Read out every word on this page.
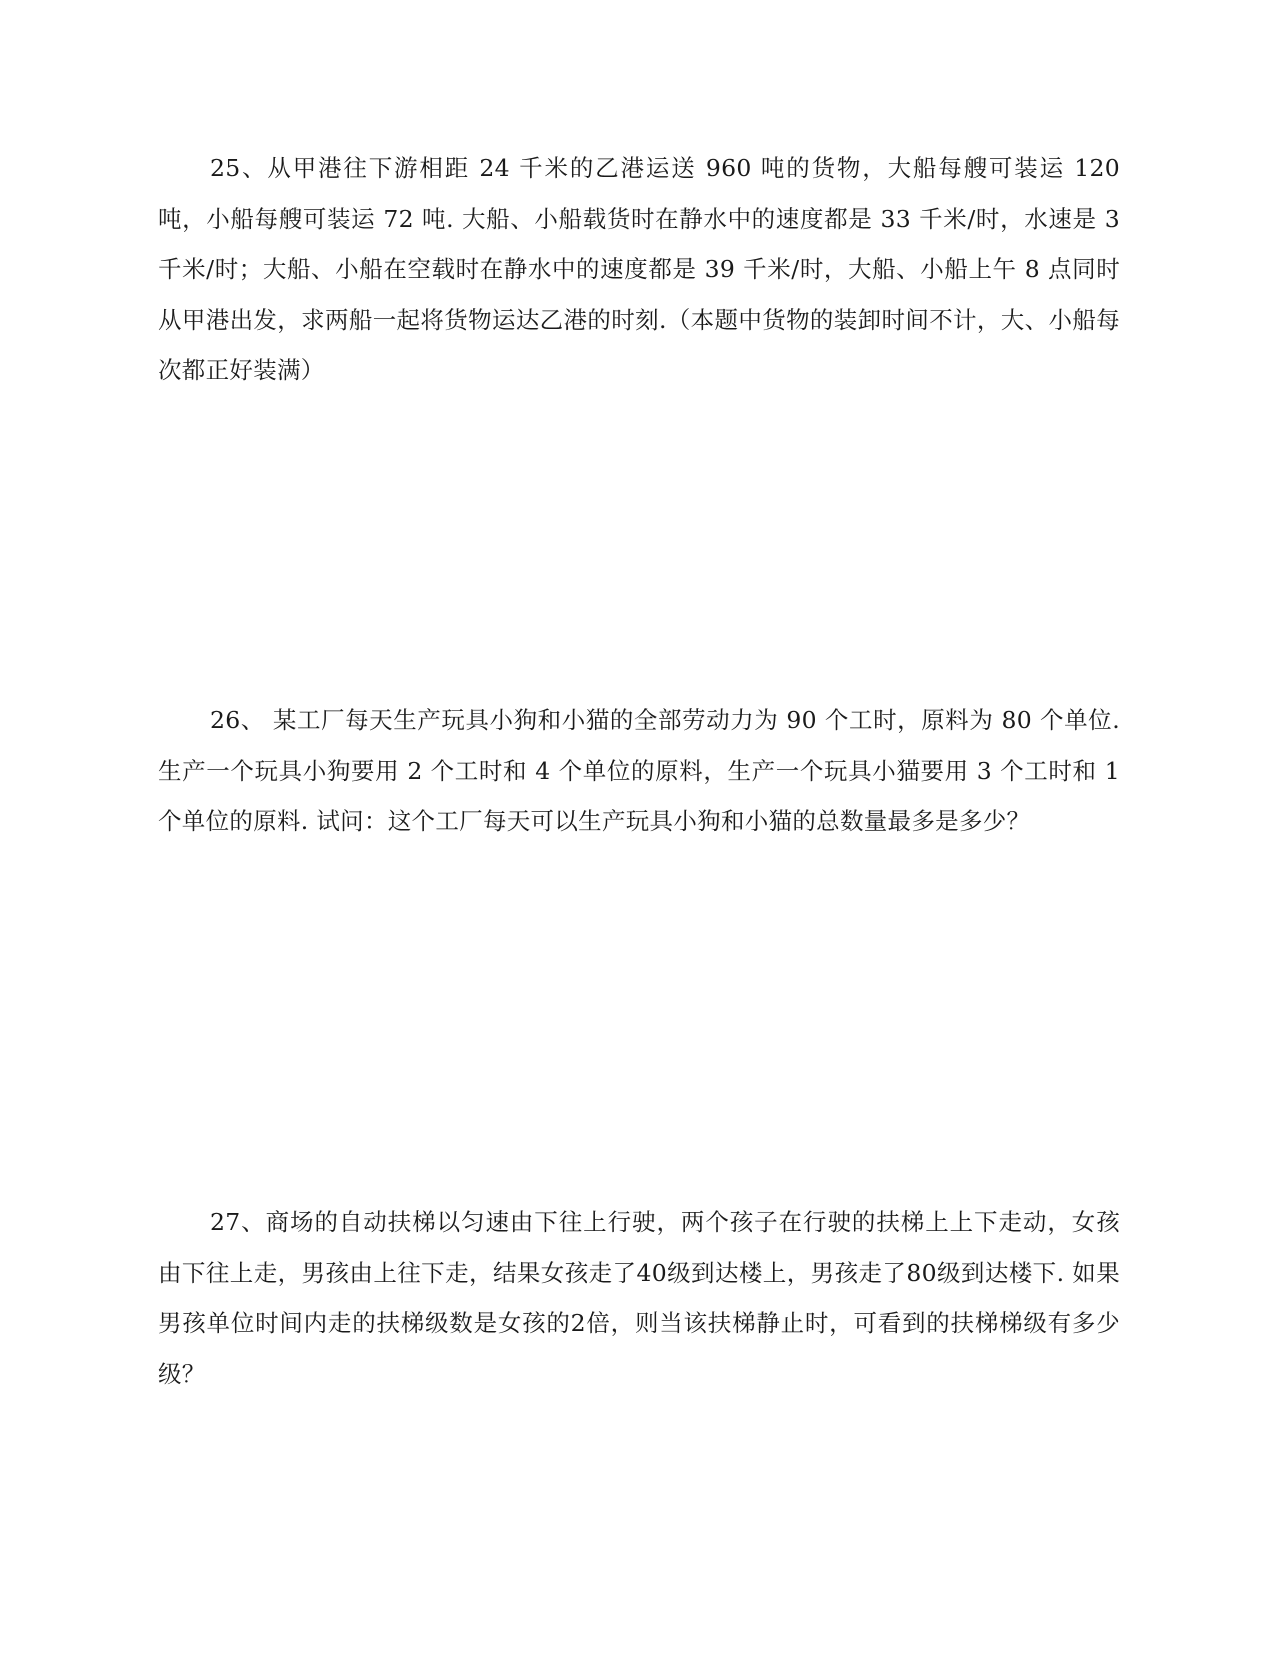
25、从甲港往下游相距 24 千米的乙港运送 960 吨的货物，大船每艘可装运 120 吨，小船每艘可装运 72 吨. 大船、小船载货时在静水中的速度都是 33 千米/时，水速是 3 千米/时；大船、小船在空载时在静水中的速度都是 39 千米/时，大船、小船上午 8 点同时从甲港出发，求两船一起将货物运达乙港的时刻.（本题中货物的装卸时间不计，大、小船每次都正好装满）

26、 某工厂每天生产玩具小狗和小猫的全部劳动力为 90 个工时，原料为 80 个单位. 生产一个玩具小狗要用 2 个工时和 4 个单位的原料，生产一个玩具小猫要用 3 个工时和 1 个单位的原料. 试问：这个工厂每天可以生产玩具小狗和小猫的总数量最多是多少？

27、商场的自动扶梯以匀速由下往上行驶，两个孩子在行驶的扶梯上上下走动，女孩由下往上走，男孩由上往下走，结果女孩走了40级到达楼上，男孩走了80级到达楼下. 如果男孩单位时间内走的扶梯级数是女孩的2倍，则当该扶梯静止时，可看到的扶梯梯级有多少级？
